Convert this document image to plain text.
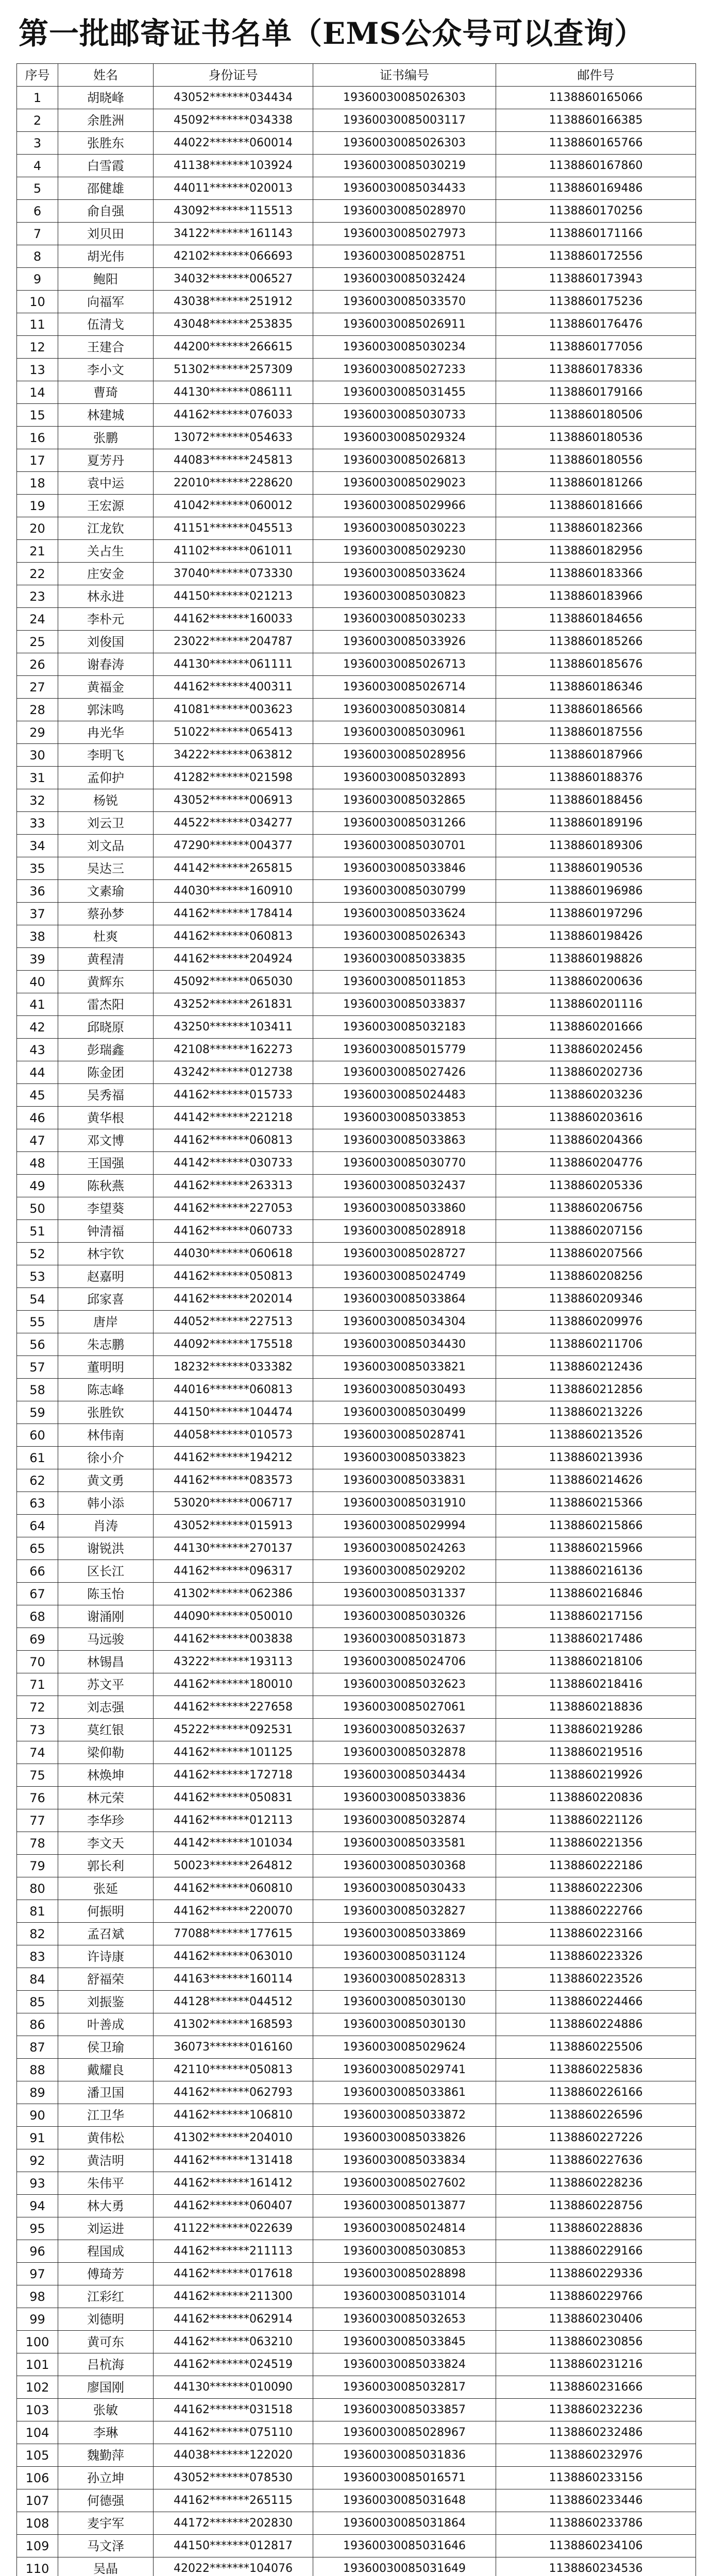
第一批邮寄证书名单（EMS公众号可以查询）
序号	姓名	身份证号	证书编号	邮件号
1	胡晓峰	43052*******034434	19360030085026303	1138860165066
2	余胜洲	45092*******034338	19360030085003117	1138860166385
3	张胜东	44022*******060014	19360030085026303	1138860165766
4	白雪霞	41138*******103924	19360030085030219	1138860167860
5	邵健雄	44011*******020013	19360030085034433	1138860169486
6	俞自强	43092*******115513	19360030085028970	1138860170256
7	刘贝田	34122*******161143	19360030085027973	1138860171166
8	胡光伟	42102*******066693	19360030085028751	1138860172556
9	鲍阳	34032*******006527	19360030085032424	1138860173943
10	向福军	43038*******251912	19360030085033570	1138860175236
11	伍清戈	43048*******253835	19360030085026911	1138860176476
12	王建合	44200*******266615	19360030085030234	1138860177056
13	李小文	51302*******257309	19360030085027233	1138860178336
14	曹琦	44130*******086111	19360030085031455	1138860179166
15	林建城	44162*******076033	19360030085030733	1138860180506
16	张鹏	13072*******054633	19360030085029324	1138860180536
17	夏芳丹	44083*******245813	19360030085026813	1138860180556
18	袁中运	22010*******228620	19360030085029023	1138860181266
19	王宏源	41042*******060012	19360030085029966	1138860181666
20	江龙钦	41151*******045513	19360030085030223	1138860182366
21	关占生	41102*******061011	19360030085029230	1138860182956
22	庄安金	37040*******073330	19360030085033624	1138860183366
23	林永进	44150*******021213	19360030085030823	1138860183966
24	李朴元	44162*******160033	19360030085030233	1138860184656
25	刘俊国	23022*******204787	19360030085033926	1138860185266
26	谢春涛	44130*******061111	19360030085026713	1138860185676
27	黄福金	44162*******400311	19360030085026714	1138860186346
28	郭沫鸣	41081*******003623	19360030085030814	1138860186566
29	冉光华	51022*******065413	19360030085030961	1138860187556
30	李明飞	34222*******063812	19360030085028956	1138860187966
31	孟仰护	41282*******021598	19360030085032893	1138860188376
32	杨锐	43052*******006913	19360030085032865	1138860188456
33	刘云卫	44522*******034277	19360030085031266	1138860189196
34	刘文品	47290*******004377	19360030085030701	1138860189306
35	吴达三	44142*******265815	19360030085033846	1138860190536
36	文素瑜	44030*******160910	19360030085030799	1138860196986
37	蔡孙梦	44162*******178414	19360030085033624	1138860197296
38	杜爽	44162*******060813	19360030085026343	1138860198426
39	黄程清	44162*******204924	19360030085033835	1138860198826
40	黄辉东	45092*******065030	19360030085011853	1138860200636
41	雷杰阳	43252*******261831	19360030085033837	1138860201116
42	邱晓原	43250*******103411	19360030085032183	1138860201666
43	彭瑞鑫	42108*******162273	19360030085015779	1138860202456
44	陈金团	43242*******012738	19360030085027426	1138860202736
45	吴秀福	44162*******015733	19360030085024483	1138860203236
46	黄华根	44142*******221218	19360030085033853	1138860203616
47	邓文博	44162*******060813	19360030085033863	1138860204366
48	王国强	44142*******030733	19360030085030770	1138860204776
49	陈秋燕	44162*******263313	19360030085032437	1138860205336
50	李望葵	44162*******227053	19360030085033860	1138860206756
51	钟清福	44162*******060733	19360030085028918	1138860207156
52	林宇钦	44030*******060618	19360030085028727	1138860207566
53	赵嘉明	44162*******050813	19360030085024749	1138860208256
54	邱家喜	44162*******202014	19360030085033864	1138860209346
55	唐岸	44052*******227513	19360030085034304	1138860209976
56	朱志鹏	44092*******175518	19360030085034430	1138860211706
57	董明明	18232*******033382	19360030085033821	1138860212436
58	陈志峰	44016*******060813	19360030085030493	1138860212856
59	张胜钦	44150*******104474	19360030085030499	1138860213226
60	林伟南	44058*******010573	19360030085028741	1138860213526
61	徐小介	44162*******194212	19360030085033823	1138860213936
62	黄文勇	44162*******083573	19360030085033831	1138860214626
63	韩小添	53020*******006717	19360030085031910	1138860215366
64	肖涛	43052*******015913	19360030085029994	1138860215866
65	谢锐洪	44130*******270137	19360030085024263	1138860215966
66	区长江	44162*******096317	19360030085029202	1138860216136
67	陈玉怡	41302*******062386	19360030085031337	1138860216846
68	谢涌刚	44090*******050010	19360030085030326	1138860217156
69	马远骏	44162*******003838	19360030085031873	1138860217486
70	林锡昌	43222*******193113	19360030085024706	1138860218106
71	苏文平	44162*******180010	19360030085032623	1138860218416
72	刘志强	44162*******227658	19360030085027061	1138860218836
73	莫红银	45222*******092531	19360030085032637	1138860219286
74	梁仰勒	44162*******101125	19360030085032878	1138860219516
75	林焕坤	44162*******172718	19360030085034434	1138860219926
76	林元荣	44162*******050831	19360030085033836	1138860220836
77	李华珍	44162*******012113	19360030085032874	1138860221126
78	李文天	44142*******101034	19360030085033581	1138860221356
79	郭长利	50023*******264812	19360030085030368	1138860222186
80	张延	44162*******060810	19360030085030433	1138860222306
81	何振明	44162*******220070	19360030085032827	1138860222766
82	孟召斌	77088*******177615	19360030085033869	1138860223166
83	许诗康	44162*******063010	19360030085031124	1138860223326
84	舒福荣	44163*******160114	19360030085028313	1138860223526
85	刘振鉴	44128*******044512	19360030085030130	1138860224466
86	叶善成	41302*******168593	19360030085030130	1138860224886
87	侯卫瑜	36073*******016160	19360030085029624	1138860225506
88	戴耀良	42110*******050813	19360030085029741	1138860225836
89	潘卫国	44162*******062793	19360030085033861	1138860226166
90	江卫华	44162*******106810	19360030085033872	1138860226596
91	黄伟松	41302*******204010	19360030085033826	1138860227226
92	黄洁明	44162*******131418	19360030085033834	1138860227636
93	朱伟平	44162*******161412	19360030085027602	1138860228236
94	林大勇	44162*******060407	19360030085013877	1138860228756
95	刘运进	41122*******022639	19360030085024814	1138860228836
96	程国成	44162*******211113	19360030085030853	1138860229166
97	傅琦芳	44162*******017618	19360030085028898	1138860229336
98	江彩红	44162*******211300	19360030085031014	1138860229766
99	刘德明	44162*******062914	19360030085032653	1138860230406
100	黄可东	44162*******063210	19360030085033845	1138860230856
101	吕杭海	44162*******024519	19360030085033824	1138860231216
102	廖国刚	44130*******010090	19360030085032817	1138860231666
103	张敏	44162*******031518	19360030085033857	1138860232236
104	李琳	44162*******075110	19360030085028967	1138860232486
105	魏勤萍	44038*******122020	19360030085031836	1138860232976
106	孙立坤	43052*******078530	19360030085016571	1138860233156
107	何德强	44162*******265115	19360030085031648	1138860233446
108	麦宇军	44172*******202830	19360030085031864	1138860233786
109	马文泽	44150*******012817	19360030085031646	1138860234106
110	吴晶	42022*******104076	19360030085031649	1138860234536
